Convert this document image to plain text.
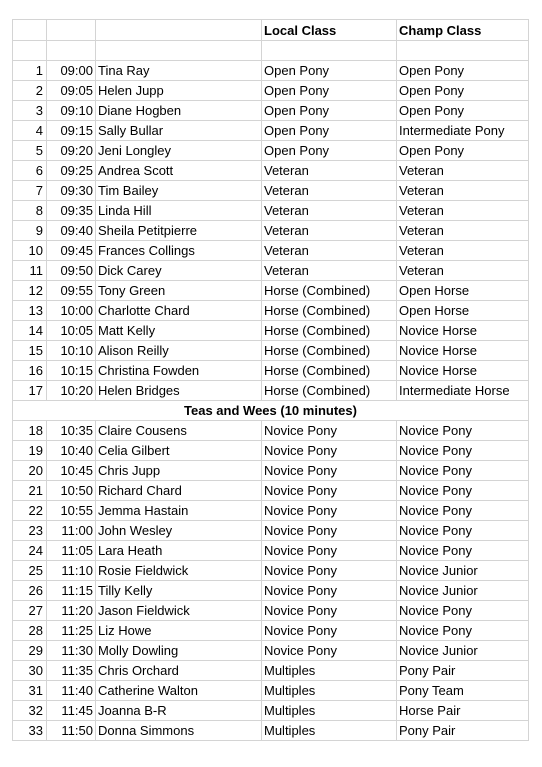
			Local Class	Champ Class

1	09:00	Tina Ray	Open Pony	Open Pony
2	09:05	Helen Jupp	Open Pony	Open Pony
3	09:10	Diane Hogben	Open Pony	Open Pony
4	09:15	Sally Bullar	Open Pony	Intermediate Pony
5	09:20	Jeni Longley	Open Pony	Open Pony
6	09:25	Andrea Scott	Veteran	Veteran
7	09:30	Tim Bailey	Veteran	Veteran
8	09:35	Linda Hill	Veteran	Veteran
9	09:40	Sheila Petitpierre	Veteran	Veteran
10	09:45	Frances Collings	Veteran	Veteran
11	09:50	Dick Carey	Veteran	Veteran
12	09:55	Tony Green	Horse (Combined)	Open Horse
13	10:00	Charlotte Chard	Horse (Combined)	Open Horse
14	10:05	Matt Kelly	Horse (Combined)	Novice Horse
15	10:10	Alison Reilly	Horse (Combined)	Novice Horse
16	10:15	Christina Fowden	Horse (Combined)	Novice Horse
17	10:20	Helen Bridges	Horse (Combined)	Intermediate Horse
Teas and Wees (10 minutes)				
18	10:35	Claire Cousens	Novice Pony	Novice Pony
19	10:40	Celia Gilbert	Novice Pony	Novice Pony
20	10:45	Chris Jupp	Novice Pony	Novice Pony
21	10:50	Richard Chard	Novice Pony	Novice Pony
22	10:55	Jemma Hastain	Novice Pony	Novice Pony
23	11:00	John Wesley	Novice Pony	Novice Pony
24	11:05	Lara Heath	Novice Pony	Novice Pony
25	11:10	Rosie Fieldwick	Novice Pony	Novice Junior
26	11:15	Tilly Kelly	Novice Pony	Novice Junior
27	11:20	Jason Fieldwick	Novice Pony	Novice Pony
28	11:25	Liz Howe	Novice Pony	Novice Pony
29	11:30	Molly Dowling	Novice Pony	Novice Junior
30	11:35	Chris Orchard	Multiples	Pony Pair
31	11:40	Catherine Walton	Multiples	Pony Team
32	11:45	Joanna B-R	Multiples	Horse Pair
33	11:50	Donna Simmons	Multiples	Pony Pair
